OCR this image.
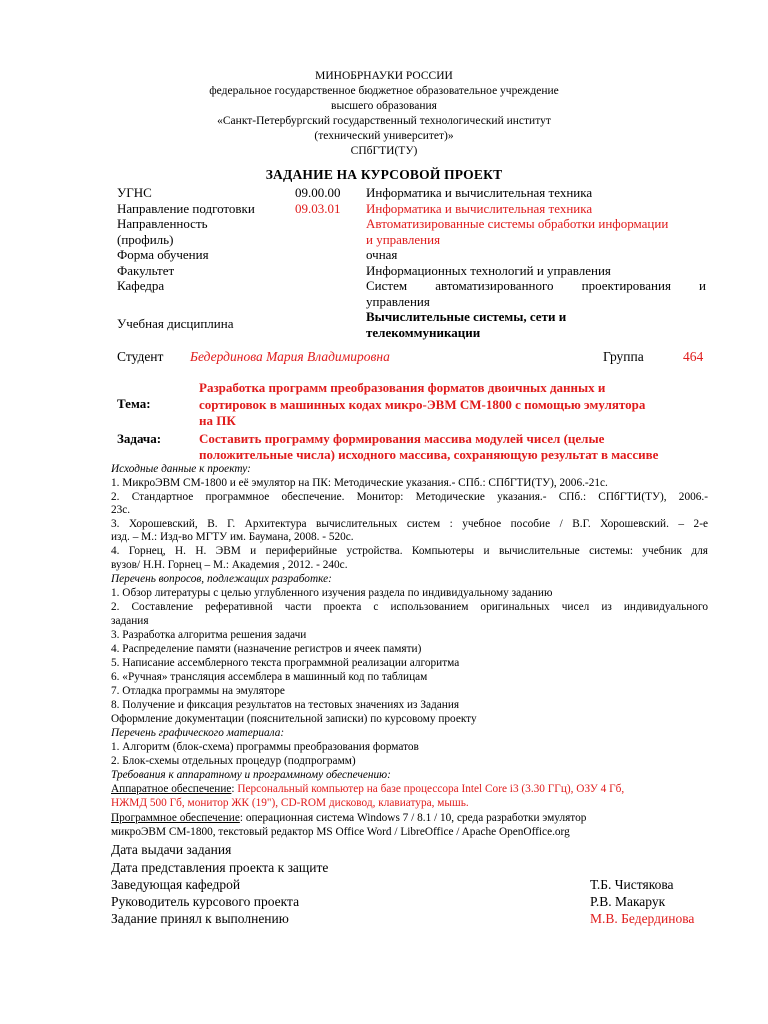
МИНОБРНАУКИ РОССИИ
федеральное государственное бюджетное образовательное учреждение
высшего образования
«Санкт-Петербургский государственный технологический институт
(технический университет)»
СПбГТИ(ТУ)
ЗАДАНИЕ НА КУРСОВОЙ ПРОЕКТ
УГНС	09.00.00 Информатика и вычислительная техника
Направление подготовки	09.03.01 Информатика и вычислительная техника
Направленность
(профиль)
Автоматизированные системы обработки информации
и управления
Форма обучения	очная
Факультет	Информационных технологий и управления
Кафедра	Систем автоматизированного проектирования и
управления
Учебная дисциплина	Вычислительные системы, сети и
телекоммуникации
Студент Бедердинова Мария Владимировна	Группа	464
Тема:
Разработка программ преобразования форматов двоичных данных и
сортировок в машинных кодах микро-ЭВМ СМ-1800 с помощью эмулятора
на ПК
Задача:	Составить программу формирования массива модулей чисел (целые
положительные числа) исходного массива, сохраняющую результат в массиве
Исходные данные к проекту:
1. МикроЭВМ СМ-1800 и её эмулятор на ПК: Методические указания.- СПб.: СПбГТИ(ТУ), 2006.-21с.
2. Стандартное программное обеспечение. Монитор: Методические указания.- СПб.: СПбГТИ(ТУ), 2006.-
23с.
3. Хорошевский, В. Г. Архитектура вычислительных систем : учебное пособие / В.Г. Хорошевский. – 2-е
изд. – М.: Изд-во МГТУ им. Баумана, 2008. - 520с.
4. Горнец, Н. Н. ЭВМ и периферийные устройства. Компьютеры и вычислительные системы: учебник для
вузов/ Н.Н. Горнец – М.: Академия , 2012. - 240с.
Перечень вопросов, подлежащих разработке:
1. Обзор литературы с целью углубленного изучения раздела по индивидуальному заданию
2. Составление реферативной части проекта с использованием оригинальных чисел из индивидуального
задания
3. Разработка алгоритма решения задачи
4. Распределение памяти (назначение регистров и ячеек памяти)
5. Написание ассемблерного текста программной реализации алгоритма
6. «Ручная» трансляция ассемблера в машинный код по таблицам
7. Отладка программы на эмуляторе
8. Получение и фиксация результатов на тестовых значениях из Задания
Оформление документации (пояснительной записки) по курсовому проекту
Перечень графического материала:
1. Алгоритм (блок-схема) программы преобразования форматов
2. Блок-схемы отдельных процедур (подпрограмм)
Требования к аппаратному и программному обеспечению:
Аппаратное обеспечение: Персональный компьютер на базе процессора Intel Core i3 (3.30 ГГц), ОЗУ 4 Гб,
НЖМД 500 Гб, монитор ЖК (19"), CD-ROM дисковод, клавиатура, мышь.
Программное обеспечение: операционная система Windows 7 / 8.1 / 10, среда разработки эмулятор
микроЭВМ СМ-1800, текстовый редактор MS Office Word / LibreOffice / Apache OpenOffice.org
Дата выдачи задания
Дата представления проекта к защите
Заведующая кафедрой	Т.Б. Чистякова
Руководитель курсового проекта	Р.В. Макарук
Задание принял к выполнению	М.В. Бедердинова
